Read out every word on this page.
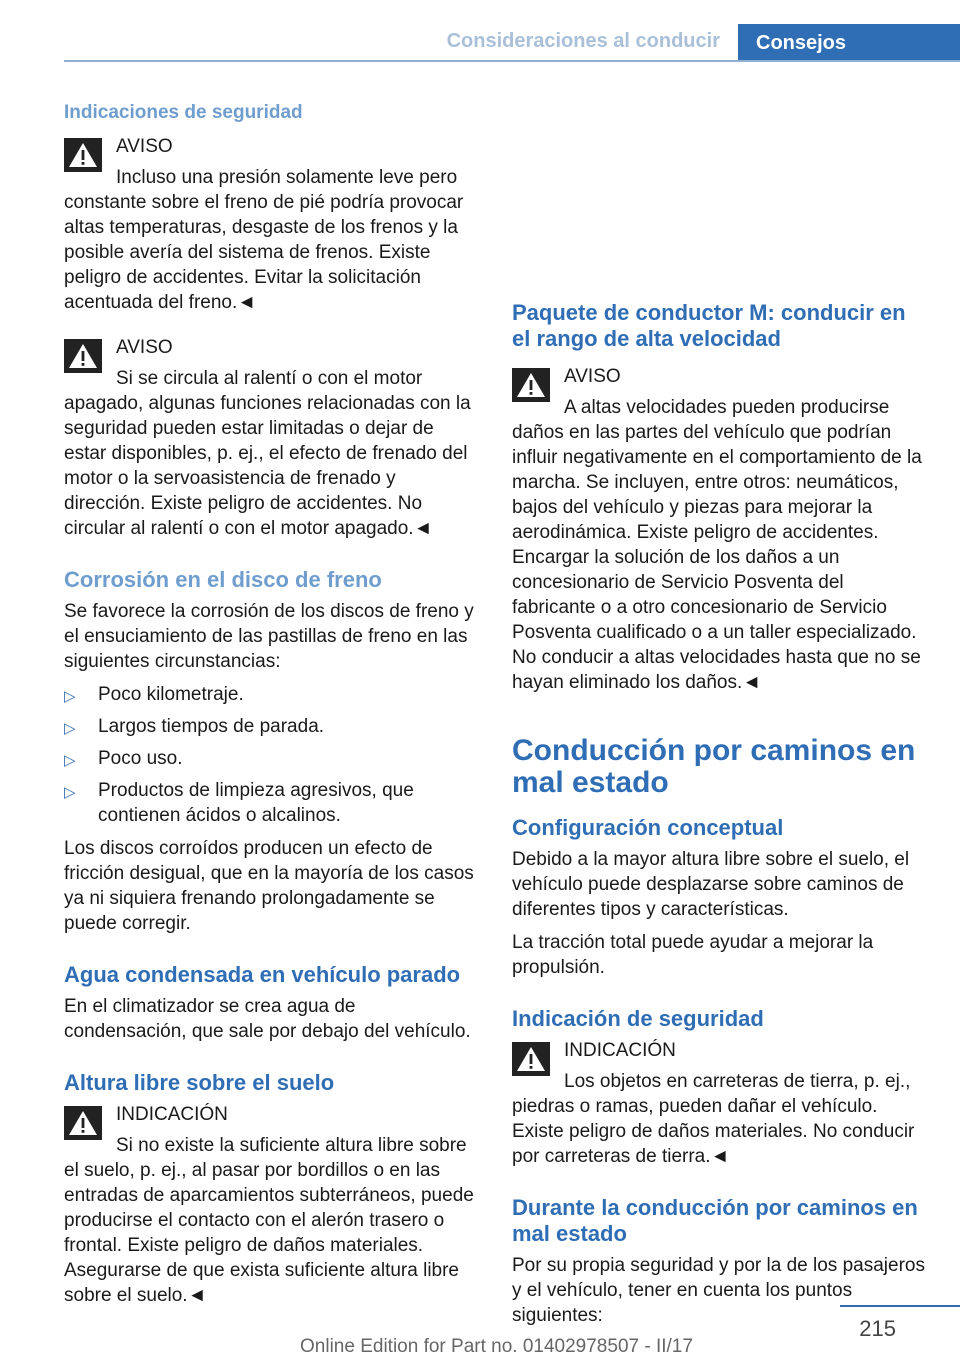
Consideraciones al conducir	Consejos
Indicaciones de seguridad
AVISO
Incluso una presión solamente leve pero constante sobre el freno de pié podría provocar altas temperaturas, desgaste de los frenos y la posible avería del sistema de frenos. Existe peligro de accidentes. Evitar la solicitación acentuada del freno.◄
AVISO
Si se circula al ralentí o con el motor apagado, algunas funciones relacionadas con la seguridad pueden estar limitadas o dejar de estar disponibles, p. ej., el efecto de frenado del motor o la servoasistencia de frenado y dirección. Existe peligro de accidentes. No circular al ralentí o con el motor apagado.◄
Corrosión en el disco de freno

Se favorece la corrosión de los discos de freno y el ensuciamiento de las pastillas de freno en las siguientes circunstancias:

▷ Poco kilometraje.
▷ Largos tiempos de parada.
▷ Poco uso.
▷ Productos de limpieza agresivos, que contienen ácidos o alcalinos.

Los discos corroídos producen un efecto de fricción desigual, que en la mayoría de los casos ya ni siquiera frenando prolongadamente se puede corregir.

Agua condensada en vehículo parado

En el climatizador se crea agua de condensación, que sale por debajo del vehículo.

Altura libre sobre el suelo
INDICACIÓN
Si no existe la suficiente altura libre sobre el suelo, p. ej., al pasar por bordillos o en las entradas de aparcamientos subterráneos, puede producirse el contacto con el alerón trasero o frontal. Existe peligro de daños materiales. Asegurarse de que exista suficiente altura libre sobre el suelo.◄
Paquete de conductor M: conducir en el rango de alta velocidad
AVISO
A altas velocidades pueden producirse daños en las partes del vehículo que podrían influir negativamente en el comportamiento de la marcha. Se incluyen, entre otros: neumáticos, bajos del vehículo y piezas para mejorar la aerodinámica. Existe peligro de accidentes. Encargar la solución de los daños a un concesionario de Servicio Posventa del fabricante o a otro concesionario de Servicio Posventa cualificado o a un taller especializado. No conducir a altas velocidades hasta que no se hayan eliminado los daños.◄
Conducción por caminos en mal estado
Configuración conceptual

Debido a la mayor altura libre sobre el suelo, el vehículo puede desplazarse sobre caminos de diferentes tipos y características.

La tracción total puede ayudar a mejorar la propulsión.

Indicación de seguridad
INDICACIÓN
Los objetos en carreteras de tierra, p. ej., piedras o ramas, pueden dañar el vehículo. Existe peligro de daños materiales. No conducir por carreteras de tierra.◄
Durante la conducción por caminos en mal estado

Por su propia seguridad y por la de los pasajeros y el vehículo, tener en cuenta los puntos siguientes:

215
Online Edition for Part no. 01402978507 - II/17
